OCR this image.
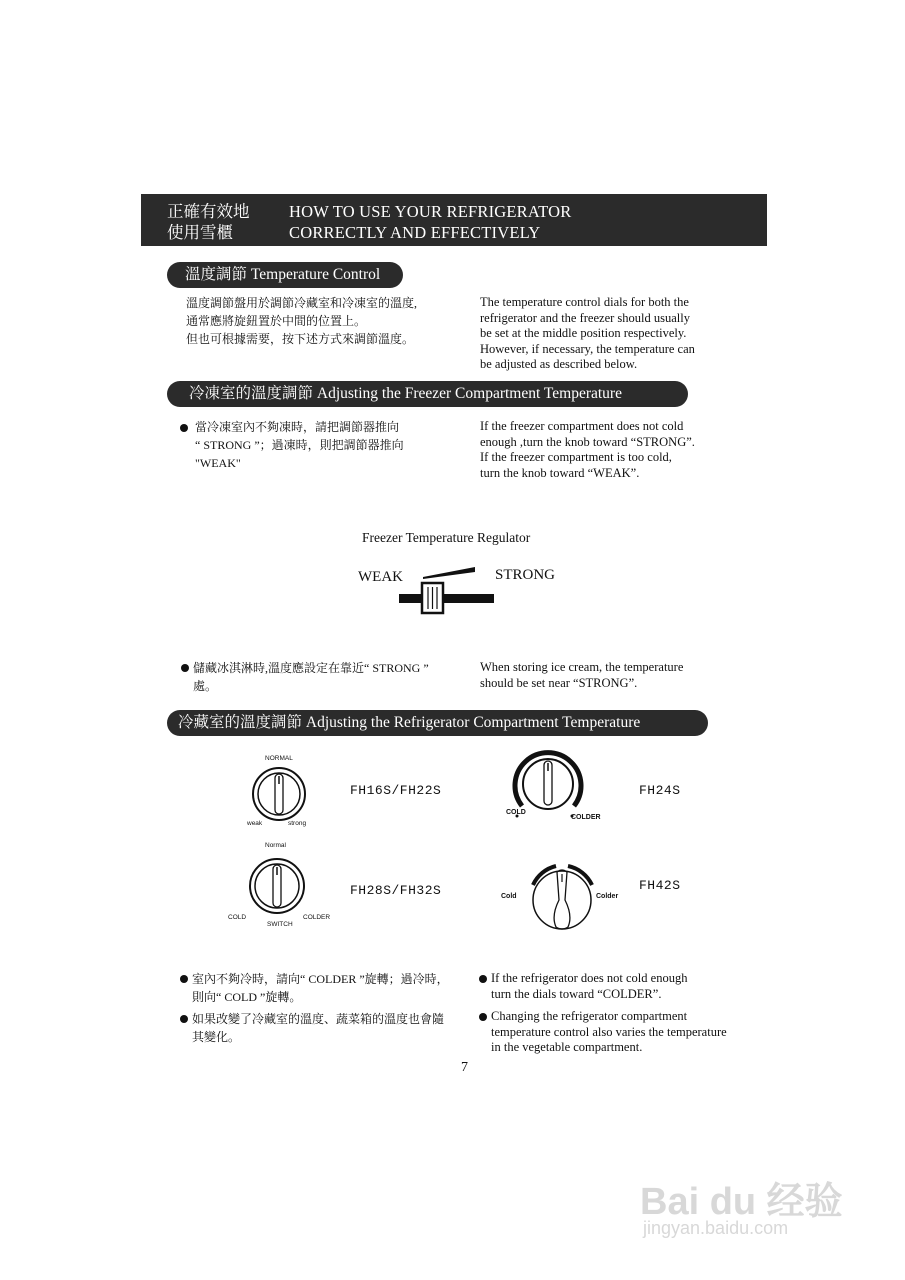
正確有效地
使用雪櫃
HOW TO USE YOUR REFRIGERATOR
CORRECTLY AND EFFECTIVELY
溫度調節 Temperature Control
溫度調節盤用於調節冷藏室和冷凍室的溫度,
通常應將旋鈕置於中間的位置上。
但也可根據需要，按下述方式來調節溫度。
The temperature control dials for both the
refrigerator and the freezer should usually
be set at the middle position respectively.
However, if necessary, the temperature can
be adjusted as described below.
冷凍室的溫度調節 Adjusting the Freezer Compartment Temperature
當冷凍室內不夠凍時，請把調節器推向
“ STRONG ”；過凍時，則把調節器推向
"WEAK"
If the freezer compartment does not cold
enough ,turn the knob toward “STRONG”.
If the freezer compartment is too cold,
turn the knob toward “WEAK”.
Freezer Temperature Regulator
WEAK	STRONG
儲藏冰淇淋時,溫度應設定在靠近“ STRONG ”
處。
When storing ice cream, the temperature
should be set near “STRONG”.
冷藏室的溫度調節 Adjusting the Refrigerator Compartment Temperature
NORMAL
weak	strong
FH16S/FH22S
COLD
COLDER
FH24S
Normal
COLD	COLDER
SWITCH
FH28S/FH32S	Cold	Colder
FH42S
室內不夠冷時，請向“ COLDER ”旋轉；過冷時，
則向“ COLD ”旋轉。
如果改變了冷藏室的溫度、蔬菜箱的溫度也會隨
其變化。
If the refrigerator does not cold enough
turn the dials toward “COLDER”.
Changing the refrigerator compartment
temperature control also varies the temperature
in the vegetable compartment.
7
Bai du 经验
jingyan.baidu.com
